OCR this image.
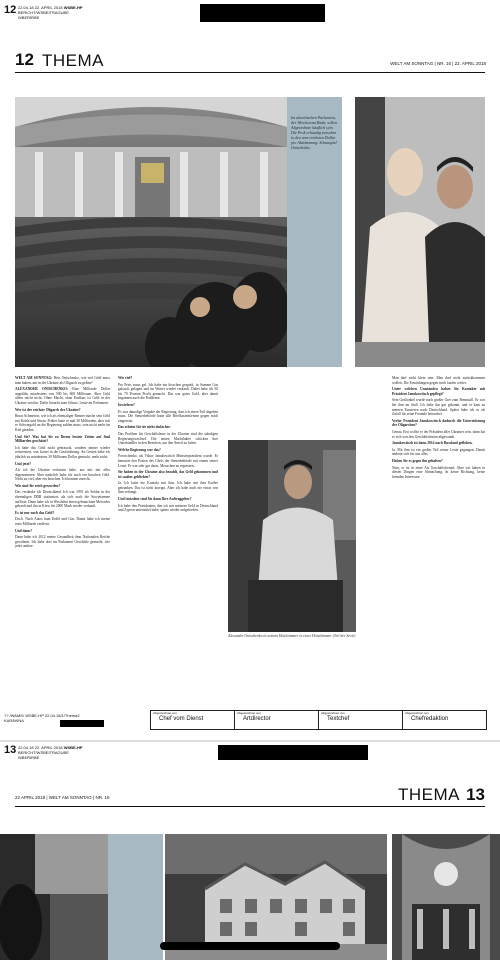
12 22.04.18 22. APRIL 2018 WSBE-HP
BERICHT/WSBEITRAGUBE
WBERIRBE
12 THEMA	WELT AM SONNTAG | NR. 16 | 22. APRIL 2018
Im ukrainischen Parlament, der Werchowna Rada, sollen Abgeordnete käuflich sein. Die Prok schaudig zwischen in den arm reichsten Dollar pro Abstimmung. Schauspiel Onischenko

WELT AM SONNTAG: Herr Onischenko, wie viel Geld muss man haben, um in der Ukraine als Oligarch zu gelten?

ALEXANDER ONISCHENKO: Eine Milliarde Dollar ungefähr, mindestens von 500 bis 600 Millionen. Aber Geld allein reicht nicht. Ohne Macht, ohne Einfluss ist Geld in der Ukraine wertlos. Dafür braucht man Schutz, Leute im Parlament.

Wer ist der reichste Oligarch der Ukraine?

Rinat Achmetow, wie ich als ehemaliger Renner mache sein Geld mit Kohle und Strom. Früher hatte er mal 30 Milliarden, aber seit er Schwergold an die Regierung zahlen muss, sein nicht mehr im Kiel geraden.

Und Sie? Was hat Sie zu Ihrem besten Zeiten auf fünf Milliarden geschätzt?

Ich habe das Geld nicht gebraucht, sondern immer wieder reinvestiert, was kostet in die Gasförderung. An Gesten habe ich jährlich zu mindestens 30 Millionen Dollar gemacht, mehr nicht.

Und jetzt?

Als ich die Ukraine verlassen habe, aus mir mit alles abgenommen. Aber natürlich habe ich noch ein bisschen Geld. Nicht zu viel, aber ein bisschen. Ich komme zurecht.

Wie sind Sie reich geworden?

Das verdanke ich Deutschland. Ich war 1991 als Soldat in der ehemaligen DDR stationiert, als sich auch die Sowjetarmee auflöste. Dann habe ich in Westfalen einen gebrauchten Mercedes gekauft und ihn in Kiew für 2000 Mark wieder verkauft.

Es ist nur noch das Geld?

Doch. Nach Autos kam Erdöl und Gas. Damit habe ich meine erste Milliarde verdient.

Und dann?

Dann habe ich 2012 meine Gesundheit dem Nationalen Reiche gewidmet. Ich habe dort im Parlament Geschäfte gemacht, wie jeder andere.

Wie viel?

Pro Preis muss gel. Ich habe ein bisschen gespielt, in Summe Gas gekauft, gelagert und im Winter wieder verkauft. Dabei habe ich 50 bis 70 Prozent Profit gemacht. Das war gutes Geld, aber damit begannen auch die Probleme.

Inwiefern?

Es war damalige Vorgabe der Regierung, dass ich einen Teil abgeben muss. Die Steuerbehörde hatte alle Briefkastenfirmen gegen mich eingesetzt.

Das scheint für sie nicht einfacher.

Das Problem für Geschäftsleute in der Ukraine sind die ständigen Regierungswechsel. Die neuen Machthaber schicken ihre Unterhändler in den Bezirken, um den Anteil zu holen.

Welche Regierung war das?

Poroschenko, als Viktor Janukowitsch Ministerpräsident wurde. Er benutzte den Posten des Chefs der Steuerbehörde mit einem seiner Leute. Er war sehr gut darin, Menschen zu erpressen.

Sie haben in der Ukraine also bezahlt, das Geld gekommen und ist sauber geblieben?

Ja. Ich hatte nie Kontakt mit ihm. Ich habe mit ihm Kaffee getrunken. Das ist nicht korrupt. Aber ich habe auch nie etwas von ihm verlangt.

Und trotzdem sind Sie dann Ihre Auftraggeber?

Ich habe den Präsidenten, den ich mit meinem Geld in Deutschland und Zypern unterstützt habe, später wieder aufgefordert.

Alexander Onischenko in seinem Hotelzimmer in einer Hotelzimmer (Teil der Serie)

Man darf nicht klein sein. Man darf nicht zurückkommen wollen. Die Ermittlungen gegen mich laufen weiter.

Unter welchen Umständen haben Sie Kontakte mit Präsident Janukowitsch gepflegt?

Sein Großonkel wurde nach großer Gier zum Rennstall. Er war bei ihm im Stall. Ich habe ihn gut gekannt, und er kam zu meinen Turnieren nach Deutschland. Später habe ich es als Zufall für seine Freunde betrachtet.

Verlor Präsident Janukowitsch dadurch die Unterstützung der Oligarchen?

Genau. Erst wollte er der Präsident aller Ukrainer sein, dann hat er sich von den Geschäftsleuten abgewandt.

Janukowitsch ist dann 2014 nach Russland geflohen.

Ja. Mit ihm ist ein großer Teil seiner Leute gegangen. Damit änderte sich für uns alles.

Haben Sie es gegen ihn gehalten?

Nein, er ist in einer Art Geschäftsfreund. Aber wir haben in diesen Dingen eine Abmachung. In keine Richtung, keine fremden Interessen.

?? /WAMS/ WSBE-HP 22.04.18/1/Thema2 KARAVINA
Abgezeichnet von
Chef vom Dienst
Abgezeichnet von
Artdirector
Abgezeichnet von
Textchef
Abgezeichnet von
Chefredaktion
13 22.04.18 22. APRIL 2018 WSBE-HP
BERICHT/WSBEITRAGUBE
WBERIRBE
22 APRIL 2018 | WELT AM SONNTAG | NR. 16	THEMA 13
